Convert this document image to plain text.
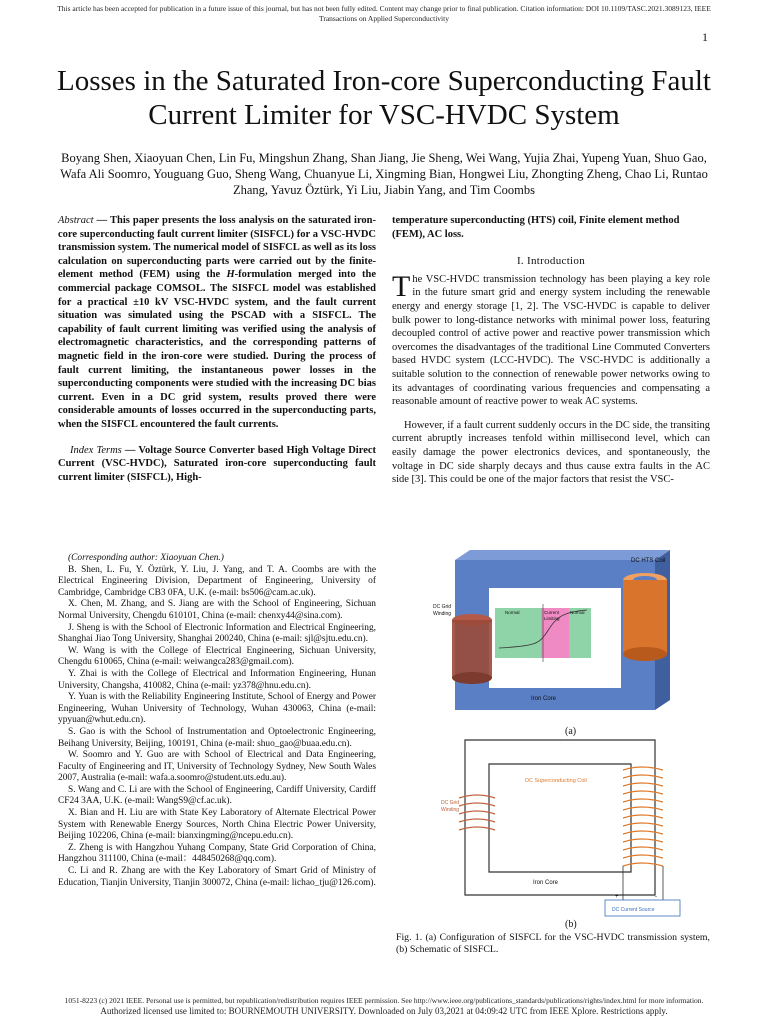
This article has been accepted for publication in a future issue of this journal, but has not been fully edited. Content may change prior to final publication. Citation information: DOI 10.1109/TASC.2021.3089123, IEEE
Transactions on Applied Superconductivity
1
Losses in the Saturated Iron-core Superconducting Fault Current Limiter for VSC-HVDC System
Boyang Shen, Xiaoyuan Chen, Lin Fu, Mingshun Zhang, Shan Jiang, Jie Sheng, Wei Wang, Yujia Zhai, Yupeng Yuan, Shuo Gao, Wafa Ali Soomro, Youguang Guo, Sheng Wang, Chuanyue Li, Xingming Bian, Hongwei Liu, Zhongting Zheng, Chao Li, Runtao Zhang, Yavuz Öztürk, Yi Liu, Jiabin Yang, and Tim Coombs

Abstract — This paper presents the loss analysis on the saturated iron-core superconducting fault current limiter (SISFCL) for a VSC-HVDC transmission system. The numerical model of SISFCL as well as its loss calculation on superconducting parts were carried out by the finite-element method (FEM) using the H-formulation merged into the commercial package COMSOL. The SISFCL model was established for a practical ±10 kV VSC-HVDC system, and the fault current situation was simulated using the PSCAD with a SISFCL. The capability of fault current limiting was verified using the analysis of electromagnetic characteristics, and the corresponding patterns of magnetic field in the iron-core were studied. During the process of fault current limiting, the instantaneous power losses in the superconducting components were studied with the increasing DC bias current. Even in a DC grid system, results proved there were considerable amounts of losses occurred in the superconducting parts, when the SISFCL encountered the fault currents.

Index Terms — Voltage Source Converter based High Voltage Direct Current (VSC-HVDC), Saturated iron-core superconducting fault current limiter (SISFCL), High-

(Corresponding author: Xiaoyuan Chen.)

B. Shen, L. Fu, Y. Öztürk, Y. Liu, J. Yang, and T. A. Coombs are with the Electrical Engineering Division, Department of Engineering, University of Cambridge, Cambridge CB3 0FA, U.K. (e-mail: bs506@cam.ac.uk).

X. Chen, M. Zhang, and S. Jiang are with the School of Engineering, Sichuan Normal University, Chengdu 610101, China (e-mail: chenxy44@sina.com).

J. Sheng is with the School of Electronic Information and Electrical Engineering, Shanghai Jiao Tong University, Shanghai 200240, China (e-mail: sjl@sjtu.edu.cn).

W. Wang is with the College of Electrical Engineering, Sichuan University, Chengdu 610065, China (e-mail: weiwangca283@gmail.com).

Y. Zhai is with the College of Electrical and Information Engineering, Hunan University, Changsha, 410082, China (e-mail: yz378@hnu.edu.cn).

Y. Yuan is with the Reliability Engineering Institute, School of Energy and Power Engineering, Wuhan University of Technology, Wuhan 430063, China (e-mail: ypyuan@whut.edu.cn).

S. Gao is with the School of Instrumentation and Optoelectronic Engineering, Beihang University, Beijing, 100191, China (e-mail: shuo_gao@buaa.edu.cn).

W. Soomro and Y. Guo are with School of Electrical and Data Engineering, Faculty of Engineering and IT, University of Technology Sydney, New South Wales 2007, Australia (e-mail: wafa.a.soomro@student.uts.edu.au).

S. Wang and C. Li are with the School of Engineering, Cardiff University, Cardiff CF24 3AA, U.K. (e-mail: WangS9@cf.ac.uk).

X. Bian and H. Liu are with State Key Laboratory of Alternate Electrical Power System with Renewable Energy Sources, North China Electric Power University, Beijing 102206, China (e-mail: bianxingming@ncepu.edu.cn).

Z. Zheng is with Hangzhou Yuhang Company, State Grid Corporation of China, Hangzhou 311100, China (e-mail：448450268@qq.com).

C. Li and R. Zhang are with the Key Laboratory of Smart Grid of Ministry of Education, Tianjin University, Tianjin 300072, China (e-mail: lichao_tju@126.com).

temperature superconducting (HTS) coil, Finite element method (FEM), AC loss.

I. Introduction

The VSC-HVDC transmission technology has been playing a key role in the future smart grid and energy system including the renewable energy and energy storage [1, 2]. The VSC-HVDC is capable to deliver bulk power to long-distance networks with minimal power loss, featuring decoupled control of active power and reactive power transmission which overcomes the disadvantages of the traditional Line Commuted Converters based HVDC system (LCC-HVDC). The VSC-HVDC is additionally a suitable solution to the connection of renewable power networks owing to its advantages of coordinating various frequencies and compensating a reasonable amount of reactive power to weak AC systems.

However, if a fault current suddenly occurs in the DC side, the transiting current abruptly increases tenfold within millisecond level, which can easily damage the power electronics devices, and spontaneously, the voltage in DC side sharply decays and thus cause extra faults in the AC side [3]. This could be one of the major factors that resist the VSC-

DC HTS Coil
DC Grid
Winding	Normal	Current
Limiting
Normal
Iron Core
(a)
+	-
DC Current Source
DC Superconducting Coil
DC Grid
Winding
Iron Core
(b)
Fig. 1. (a) Configuration of SISFCL for the VSC-HVDC transmission system, (b) Schematic of SISFCL.
1051-8223 (c) 2021 IEEE. Personal use is permitted, but republication/redistribution requires IEEE permission. See http://www.ieee.org/publications_standards/publications/rights/index.html for more information.
Authorized licensed use limited to: BOURNEMOUTH UNIVERSITY. Downloaded on July 03,2021 at 04:09:42 UTC from IEEE Xplore. Restrictions apply.
